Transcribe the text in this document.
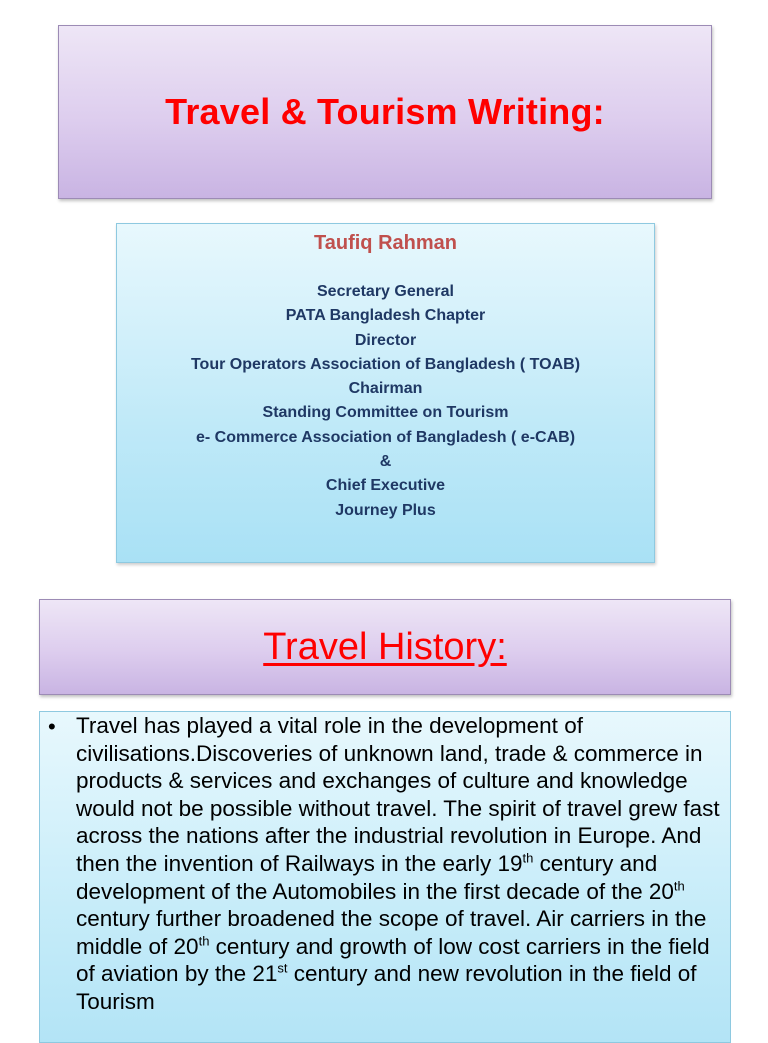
Travel & Tourism Writing:
Taufiq Rahman
Secretary General
PATA Bangladesh Chapter
Director
Tour Operators Association of Bangladesh ( TOAB)
Chairman
Standing Committee on Tourism
e- Commerce Association of Bangladesh ( e-CAB)
&
Chief Executive
Journey Plus
Travel History:
• Travel has played a vital role in the development of civilisations.Discoveries of unknown land, trade & commerce in products & services and exchanges of culture and knowledge would not be possible without travel. The spirit of travel grew fast across the nations after the industrial revolution in Europe. And then the invention of Railways in the early 19th century and development of the Automobiles in the first decade of the 20th century further broadened the scope of travel. Air carriers in the middle of 20th century and growth of low cost carriers in the field of aviation by the 21st century and new revolution in the field of Tourism
